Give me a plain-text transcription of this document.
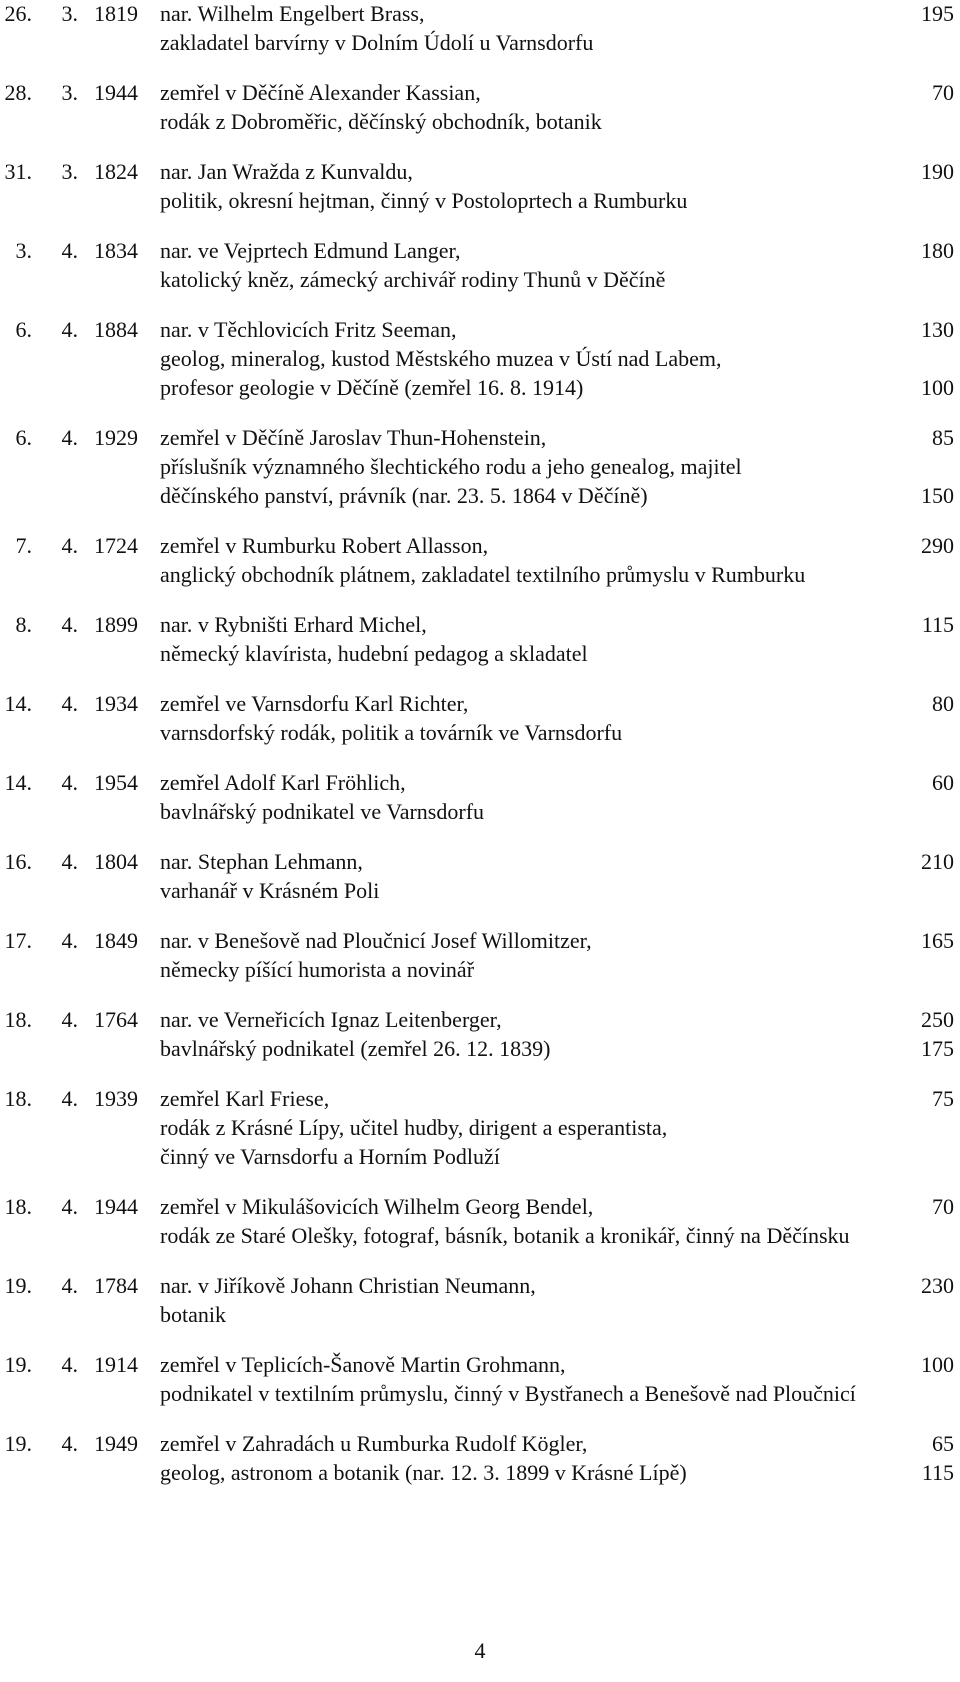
26. 3. 1819 nar. Wilhelm Engelbert Brass,	195
zakladatel barvírny v Dolním Údolí u Varnsdorfu
28. 3. 1944 zemřel v Děčíně Alexander Kassian,	70
rodák z Dobroměřic, děčínský obchodník, botanik
31. 3. 1824 nar. Jan Wražda z Kunvaldu,	190
politik, okresní hejtman, činný v Postoloprtech a Rumburku
3. 4. 1834 nar. ve Vejprtech Edmund Langer,	180
katolický kněz, zámecký archivář rodiny Thunů v Děčíně
6. 4. 1884 nar. v Těchlovicích Fritz Seeman,	130
geolog, mineralog, kustod Městského muzea v Ústí nad Labem,
profesor geologie v Děčíně (zemřel 16. 8. 1914)	100
6. 4. 1929 zemřel v Děčíně Jaroslav Thun-Hohenstein,	85
příslušník významného šlechtického rodu a jeho genealog, majitel
děčínského panství, právník (nar. 23. 5. 1864 v Děčíně)	150
7. 4. 1724 zemřel v Rumburku Robert Allasson,	290
anglický obchodník plátnem, zakladatel textilního průmyslu v Rumburku
8. 4. 1899 nar. v Rybništi Erhard Michel,	115
německý klavírista, hudební pedagog a skladatel
14. 4. 1934 zemřel ve Varnsdorfu Karl Richter,	80
varnsdorfský rodák, politik a továrník ve Varnsdorfu
14. 4. 1954 zemřel Adolf Karl Fröhlich,	60
bavlnářský podnikatel ve Varnsdorfu
16. 4. 1804 nar. Stephan Lehmann,	210
varhanář v Krásném Poli
17. 4. 1849 nar. v Benešově nad Ploučnicí Josef Willomitzer,	165
německy píšící humorista a novinář
18. 4. 1764 nar. ve Verneřicích Ignaz Leitenberger,	250
bavlnářský podnikatel (zemřel 26. 12. 1839)	175
18. 4. 1939 zemřel Karl Friese,	75
rodák z Krásné Lípy, učitel hudby, dirigent a esperantista,
činný ve Varnsdorfu a Horním Podluží
18. 4. 1944 zemřel v Mikulášovicích Wilhelm Georg Bendel,	70
rodák ze Staré Olešky, fotograf, básník, botanik a kronikář, činný na Děčínsku
19. 4. 1784 nar. v Jiříkově Johann Christian Neumann,	230
botanik
19. 4. 1914 zemřel v Teplicích-Šanově Martin Grohmann,	100
podnikatel v textilním průmyslu, činný v Bystřanech a Benešově nad Ploučnicí
19. 4. 1949 zemřel v Zahradách u Rumburka Rudolf Kögler,	65
geolog, astronom a botanik (nar. 12. 3. 1899 v Krásné Lípě)	115
4
